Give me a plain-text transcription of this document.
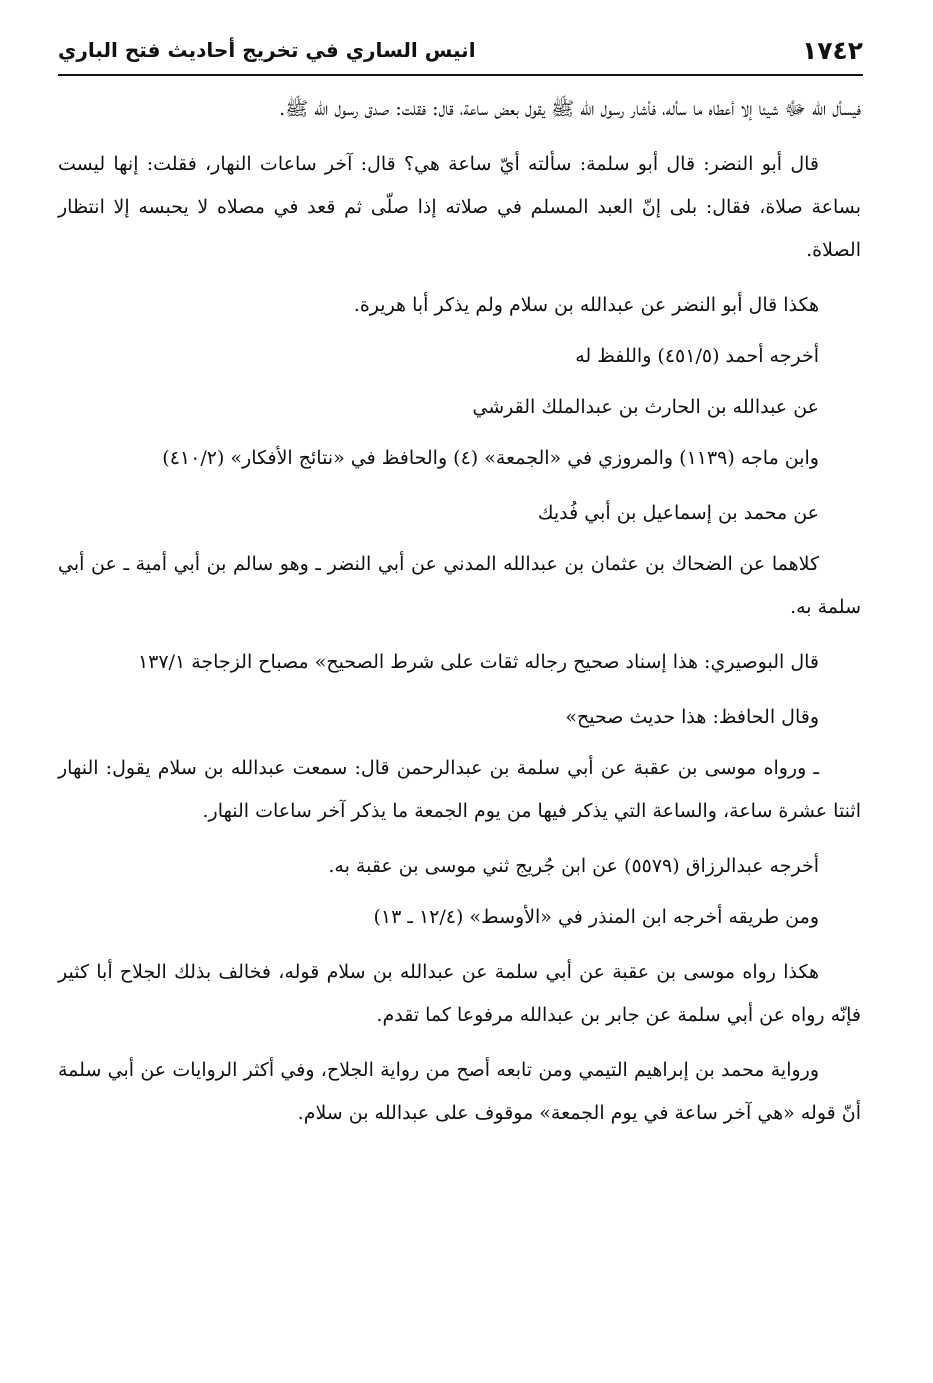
١٧٤٢
انيس الساري في تخريج أحاديث فتح الباري

فيسأل الله ﷻ شيئا إلا أعطاه ما سأله، فأشار رسول الله ﷺ يقول بعض ساعة، قال: فقلت: صدق رسول الله ﷺ.

قال أبو النضر: قال أبو سلمة: سألته أيّ ساعة هي؟ قال: آخر ساعات النهار، فقلت: إنها ليست بساعة صلاة، فقال: بلى إنّ العبد المسلم في صلاته إذا صلّى ثم قعد في مصلاه لا يحبسه إلا انتظار الصلاة.

هكذا قال أبو النضر عن عبدالله بن سلام ولم يذكر أبا هريرة.

أخرجه أحمد (٤٥١/٥) واللفظ له

عن عبدالله بن الحارث بن عبدالملك القرشي

وابن ماجه (١١٣٩) والمروزي في «الجمعة» (٤) والحافظ في «نتائج الأفكار» (٤١٠/٢)

عن محمد بن إسماعيل بن أبي فُديك

كلاهما عن الضحاك بن عثمان بن عبدالله المدني عن أبي النضر ـ وهو سالم بن أبي أمية ـ عن أبي سلمة به.

قال البوصيري: هذا إسناد صحيح رجاله ثقات على شرط الصحيح» مصباح الزجاجة ١٣٧/١

وقال الحافظ: هذا حديث صحيح»

ـ ورواه موسى بن عقبة عن أبي سلمة بن عبدالرحمن قال: سمعت عبدالله بن سلام يقول: النهار اثنتا عشرة ساعة، والساعة التي يذكر فيها من يوم الجمعة ما يذكر آخر ساعات النهار.

أخرجه عبدالرزاق (٥٥٧٩) عن ابن جُريج ثني موسى بن عقبة به.

ومن طريقه أخرجه ابن المنذر في «الأوسط» (١٢/٤ ـ ١٣)

هكذا رواه موسى بن عقبة عن أبي سلمة عن عبدالله بن سلام قوله، فخالف بذلك الجلاح أبا كثير فإنّه رواه عن أبي سلمة عن جابر بن عبدالله مرفوعا كما تقدم.

ورواية محمد بن إبراهيم التيمي ومن تابعه أصح من رواية الجلاح، وفي أكثر الروايات عن أبي سلمة أنّ قوله «هي آخر ساعة في يوم الجمعة» موقوف على عبدالله بن سلام.
